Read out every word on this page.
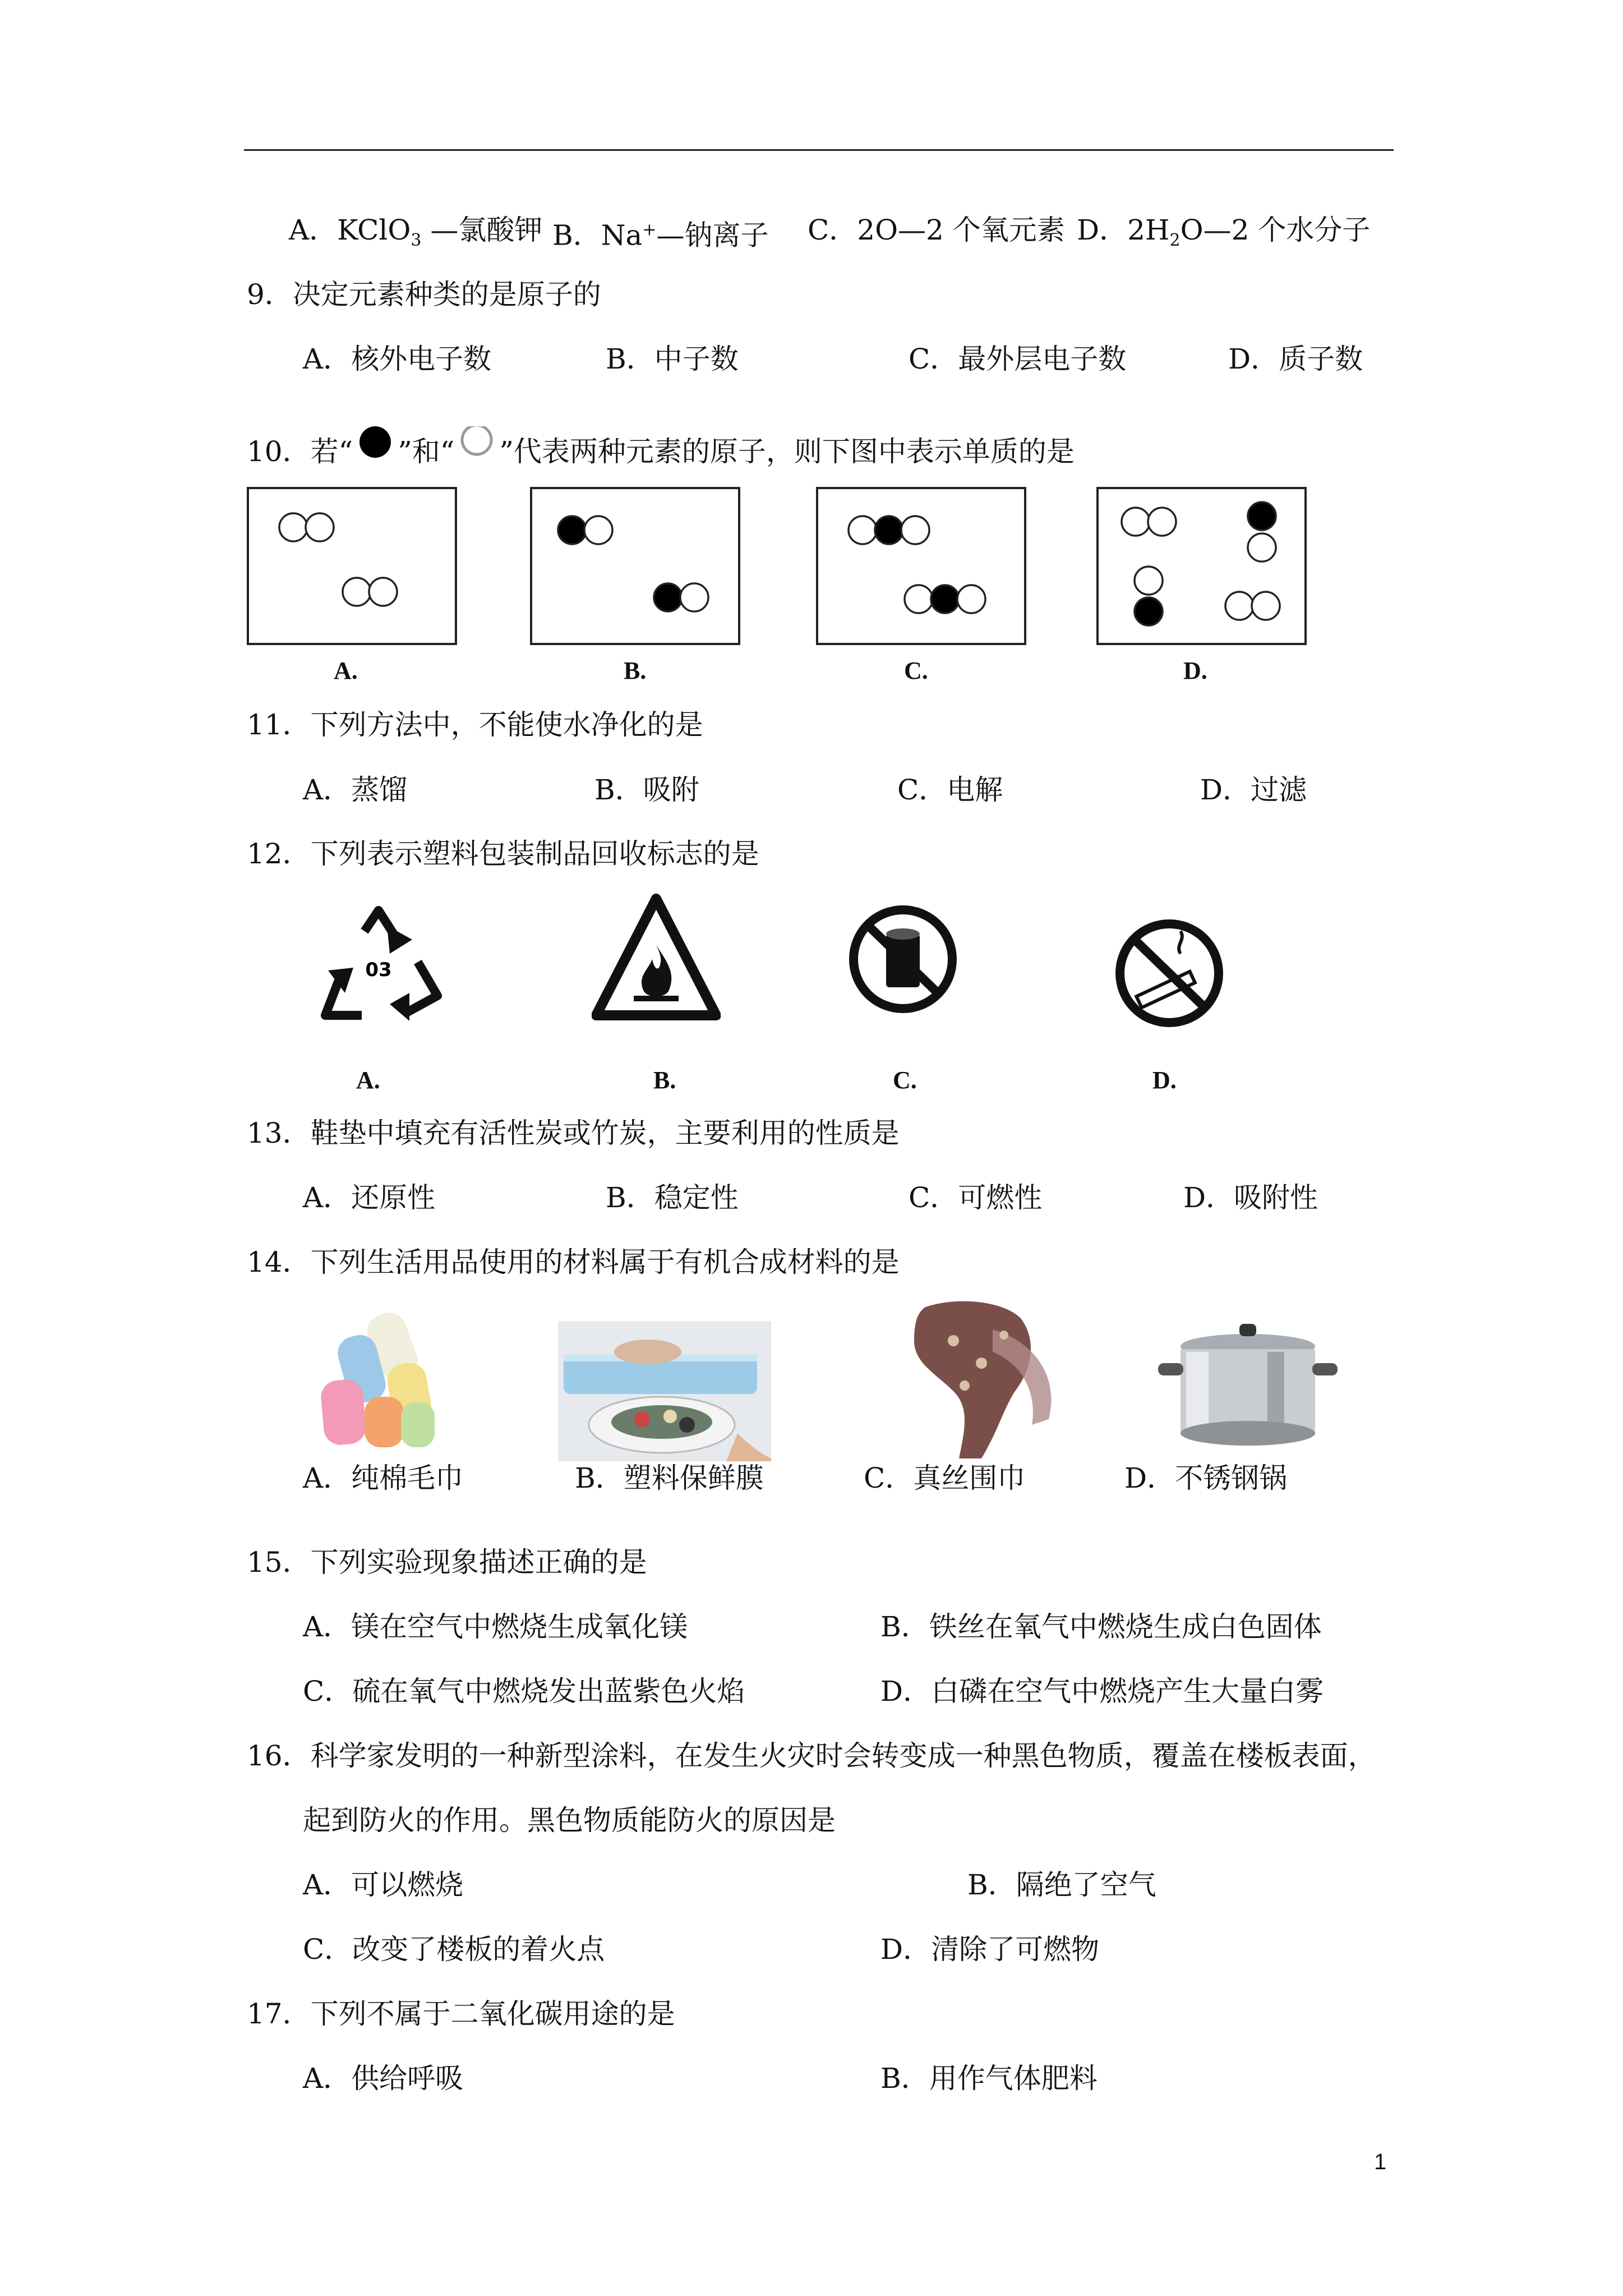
A．KClO$_3$ —氯酸钾 B．Na+—钠离子 C．2O—2 个氧元素 D．$2H_2O—2$ 个水分子
9．决定元素种类的是原子的
A．核外电子数	B．中子数	C．最外层电子数	D．质子数
10．若“ ”和“ ”代表两种元素的原子，则下图中表示单质的是
A.	B.	C.	D.
11．下列方法中，不能使水净化的是
A．蒸馏	B．吸附	C．电解	D．过滤
12．下列表示塑料包装制品回收标志的是
03
A.	B.	C.	D.
13．鞋垫中填充有活性炭或竹炭，主要利用的性质是
A．还原性	B．稳定性	C．可燃性	D．吸附性
14．下列生活用品使用的材料属于有机合成材料的是
A．纯棉毛巾	B．塑料保鲜膜	C．真丝围巾	D．不锈钢锅
15．下列实验现象描述正确的是
A．镁在空气中燃烧生成氧化镁	B．铁丝在氧气中燃烧生成白色固体
C．硫在氧气中燃烧发出蓝紫色火焰	D．白磷在空气中燃烧产生大量白雾
16．科学家发明的一种新型涂料，在发生火灾时会转变成一种黑色物质，覆盖在楼板表面，
起到防火的作用。黑色物质能防火的原因是
A．可以燃烧	B．隔绝了空气
C．改变了楼板的着火点	D．清除了可燃物
17．下列不属于二氧化碳用途的是
A．供给呼吸	B．用作气体肥料
1
